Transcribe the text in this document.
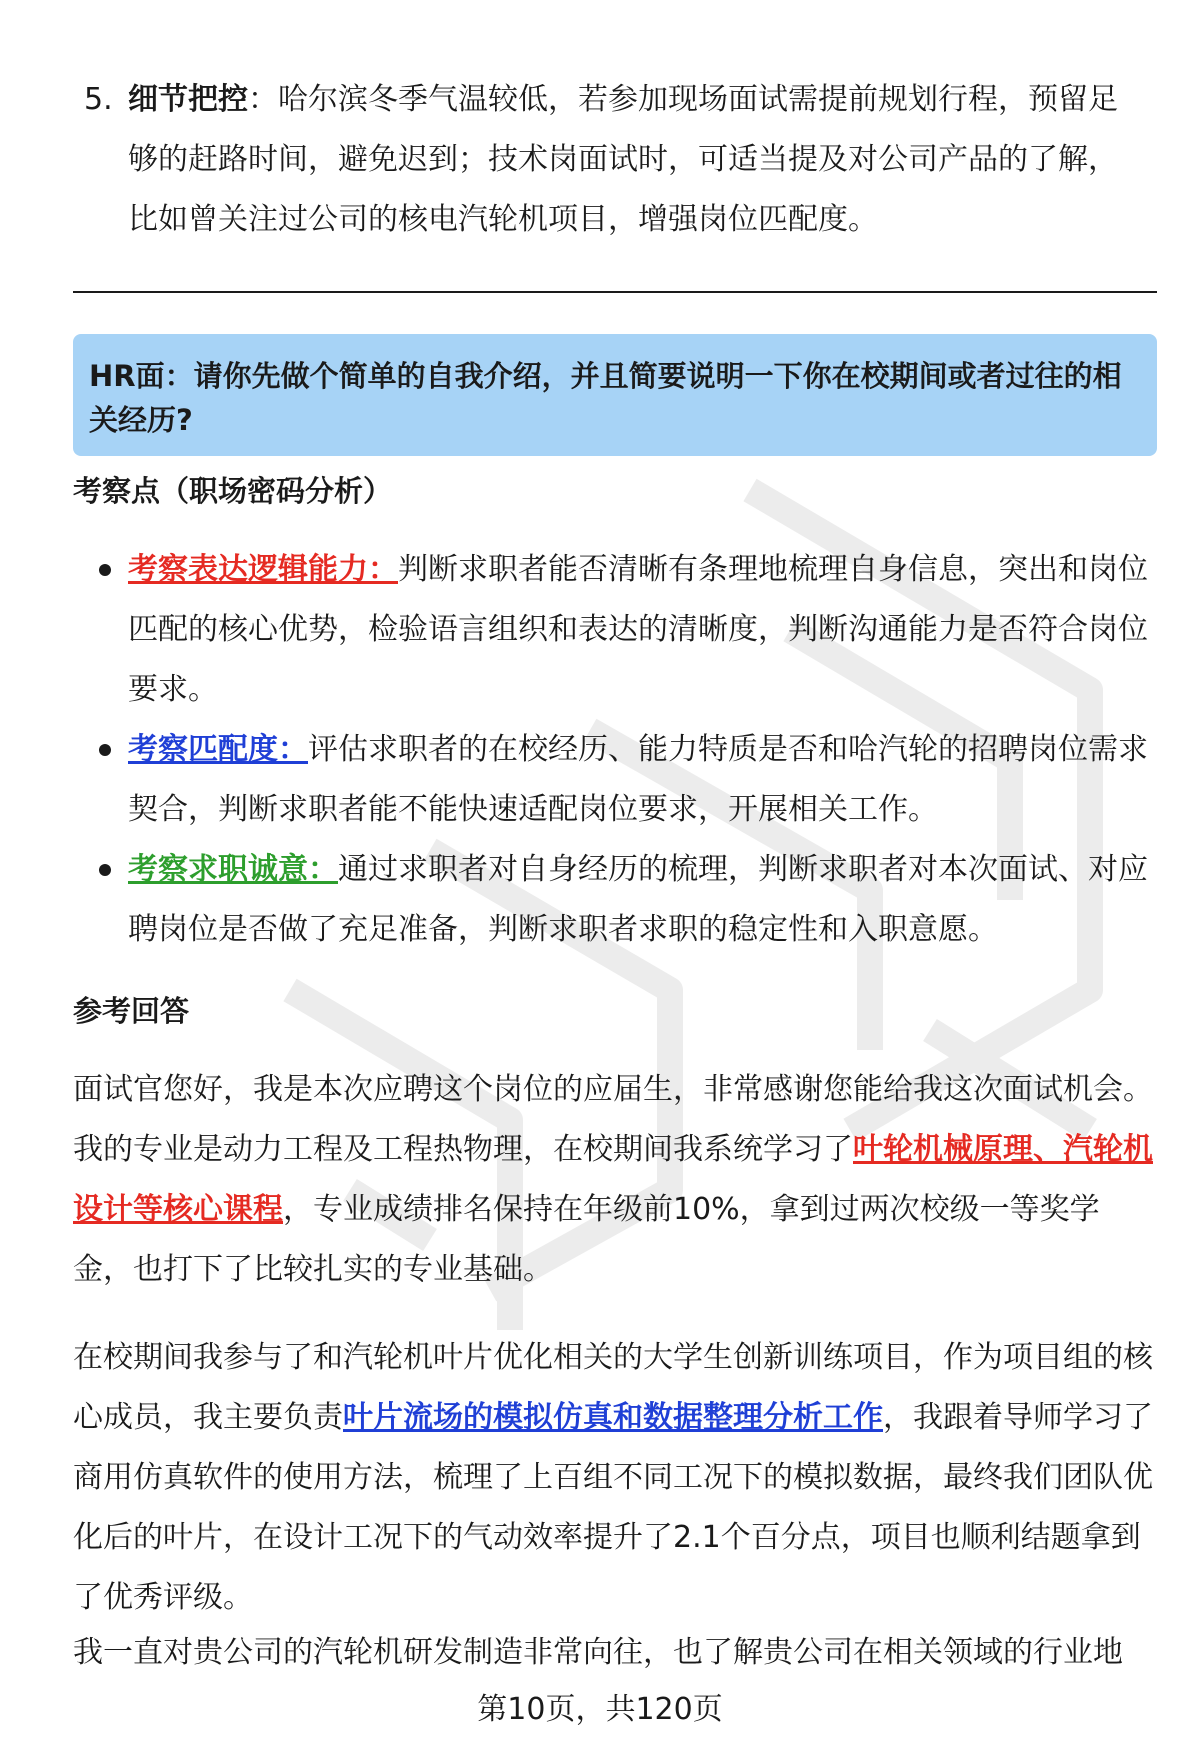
5. 细节把控：哈尔滨冬季气温较低，若参加现场面试需提前规划行程，预留足够的赶路时间，避免迟到；技术岗面试时，可适当提及对公司产品的了解，比如曾关注过公司的核电汽轮机项目，增强岗位匹配度。
HR面：请你先做个简单的自我介绍，并且简要说明一下你在校期间或者过往的相关经历?
考察点（职场密码分析）
考察表达逻辑能力：判断求职者能否清晰有条理地梳理自身信息，突出和岗位匹配的核心优势，检验语言组织和表达的清晰度，判断沟通能力是否符合岗位要求。
考察匹配度：评估求职者的在校经历、能力特质是否和哈汽轮的招聘岗位需求契合，判断求职者能不能快速适配岗位要求，开展相关工作。
考察求职诚意：通过求职者对自身经历的梳理，判断求职者对本次面试、对应聘岗位是否做了充足准备，判断求职者求职的稳定性和入职意愿。
参考回答
面试官您好，我是本次应聘这个岗位的应届生，非常感谢您能给我这次面试机会。我的专业是动力工程及工程热物理，在校期间我系统学习了叶轮机械原理、汽轮机设计等核心课程，专业成绩排名保持在年级前10%，拿到过两次校级一等奖学金，也打下了比较扎实的专业基础。
在校期间我参与了和汽轮机叶片优化相关的大学生创新训练项目，作为项目组的核心成员，我主要负责叶片流场的模拟仿真和数据整理分析工作，我跟着导师学习了商用仿真软件的使用方法，梳理了上百组不同工况下的模拟数据，最终我们团队优化后的叶片，在设计工况下的气动效率提升了2.1个百分点，项目也顺利结题拿到了优秀评级。
我一直对贵公司的汽轮机研发制造非常向往，也了解贵公司在相关领域的行业地
第10页，共120页
